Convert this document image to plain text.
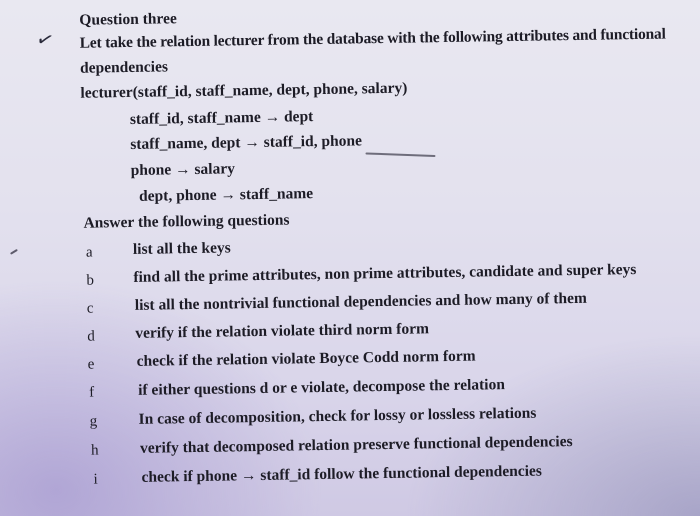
✓
Question three
Let take the relation lecturer from the database with the following attributes and functional
dependencies
lecturer(staff_id, staff_name, dept, phone, salary)
staff_id, staff_name → dept
staff_name, dept → staff_id, phone
phone → salary
dept, phone → staff_name
Answer the following questions
a	list all the keys
b	find all the prime attributes, non prime attributes, candidate and super keys
c	list all the nontrivial functional dependencies and how many of them
d	verify if the relation violate third norm form
e	check if the relation violate Boyce Codd norm form
f	if either questions d or e violate, decompose the relation
g	In case of decomposition, check for lossy or lossless relations
h	verify that decomposed relation preserve functional dependencies
i	check if phone → staff_id follow the functional dependencies
